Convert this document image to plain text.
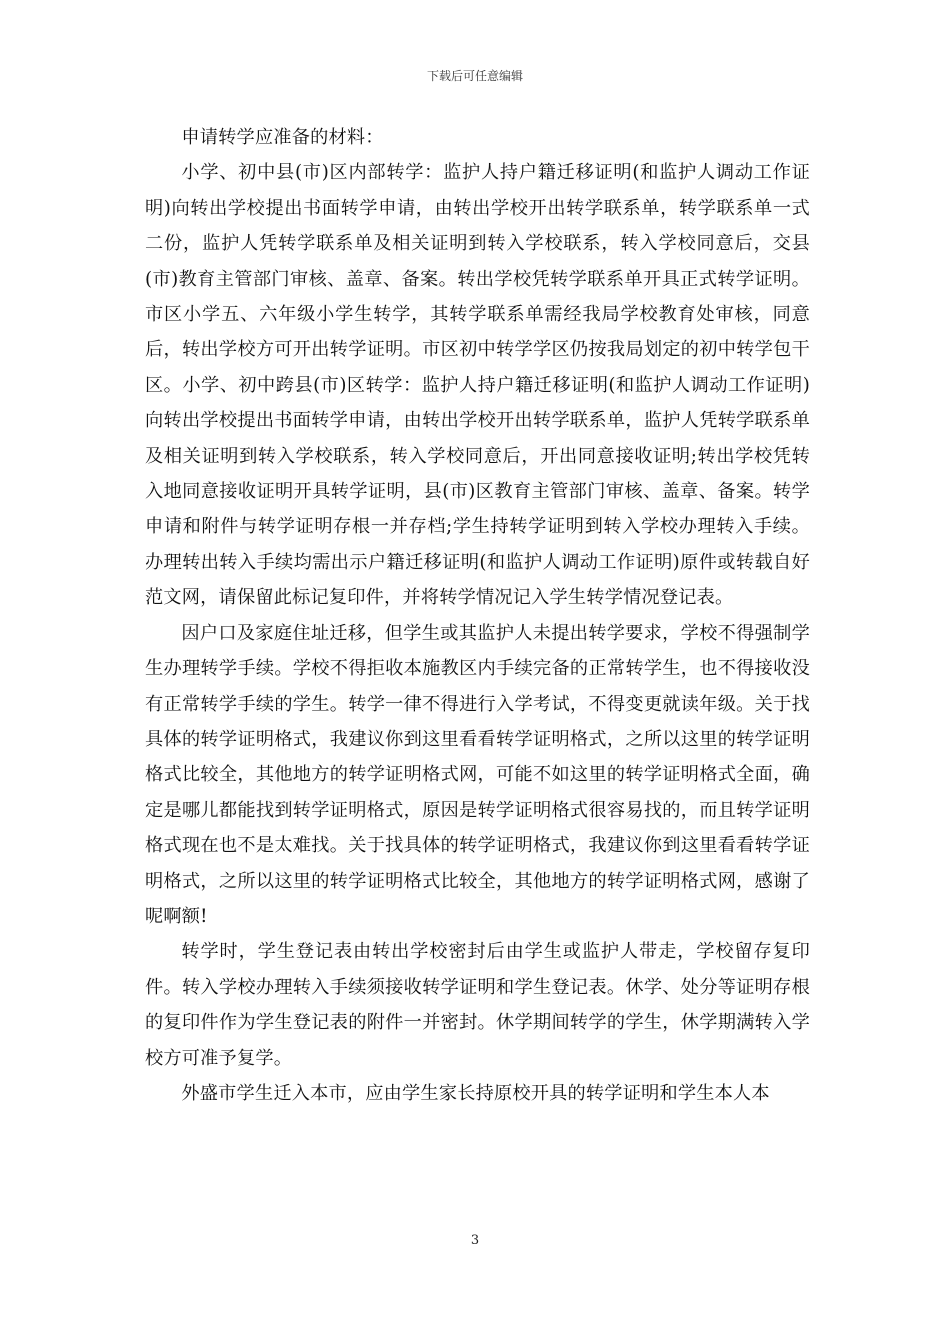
下载后可任意编辑

申请转学应准备的材料：

小学、初中县(市)区内部转学：监护人持户籍迁移证明(和监护人调动工作证明)向转出学校提出书面转学申请，由转出学校开出转学联系单，转学联系单一式二份，监护人凭转学联系单及相关证明到转入学校联系，转入学校同意后，交县(市)教育主管部门审核、盖章、备案。转出学校凭转学联系单开具正式转学证明。市区小学五、六年级小学生转学，其转学联系单需经我局学校教育处审核，同意后，转出学校方可开出转学证明。市区初中转学学区仍按我局划定的初中转学包干区。小学、初中跨县(市)区转学：监护人持户籍迁移证明(和监护人调动工作证明)向转出学校提出书面转学申请，由转出学校开出转学联系单，监护人凭转学联系单及相关证明到转入学校联系，转入学校同意后，开出同意接收证明;转出学校凭转入地同意接收证明开具转学证明，县(市)区教育主管部门审核、盖章、备案。转学申请和附件与转学证明存根一并存档;学生持转学证明到转入学校办理转入手续。办理转出转入手续均需出示户籍迁移证明(和监护人调动工作证明)原件或转载自好范文网，请保留此标记复印件，并将转学情况记入学生转学情况登记表。

因户口及家庭住址迁移，但学生或其监护人未提出转学要求，学校不得强制学生办理转学手续。学校不得拒收本施教区内手续完备的正常转学生，也不得接收没有正常转学手续的学生。转学一律不得进行入学考试，不得变更就读年级。关于找具体的转学证明格式，我建议你到这里看看转学证明格式，之所以这里的转学证明格式比较全，其他地方的转学证明格式网，可能不如这里的转学证明格式全面，确定是哪儿都能找到转学证明格式，原因是转学证明格式很容易找的，而且转学证明格式现在也不是太难找。关于找具体的转学证明格式，我建议你到这里看看转学证明格式，之所以这里的转学证明格式比较全，其他地方的转学证明格式网，感谢了呢啊额!

转学时，学生登记表由转出学校密封后由学生或监护人带走，学校留存复印件。转入学校办理转入手续须接收转学证明和学生登记表。休学、处分等证明存根的复印件作为学生登记表的附件一并密封。休学期间转学的学生，休学期满转入学校方可准予复学。

外盛市学生迁入本市，应由学生家长持原校开具的转学证明和学生本人本

3
